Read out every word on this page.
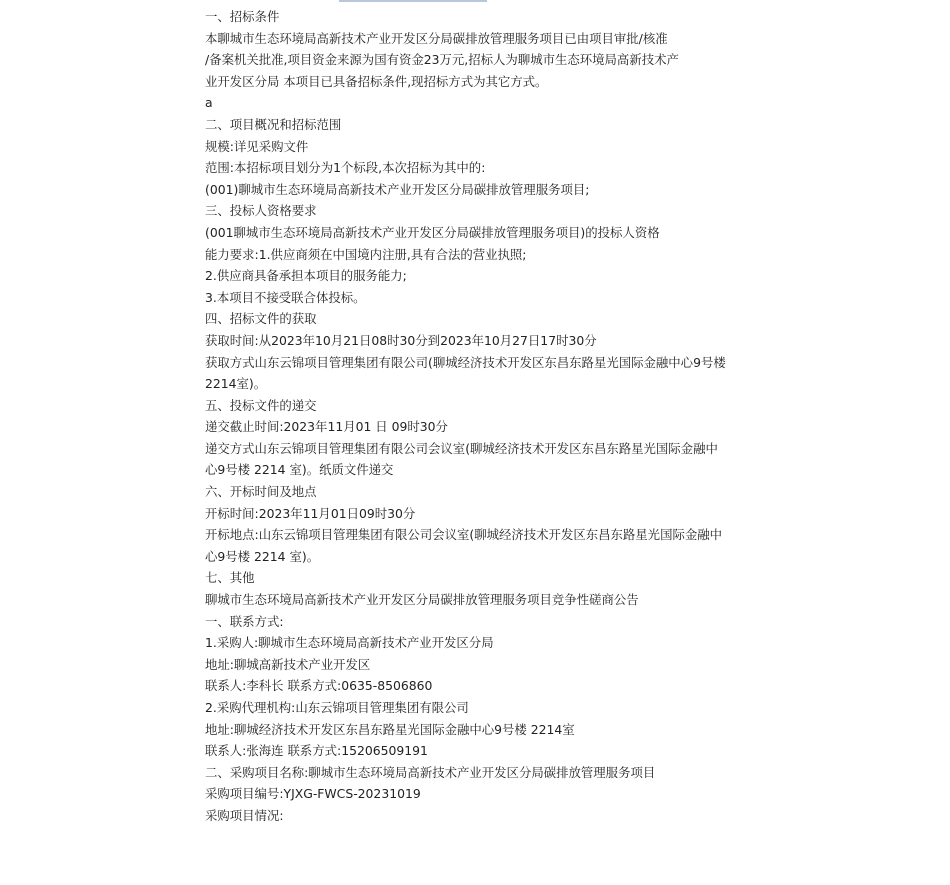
一、招标条件
本聊城市生态环境局高新技术产业开发区分局碳排放管理服务项目已由项目审批/核准
/备案机关批准,项目资金来源为国有资金23万元,招标人为聊城市生态环境局高新技术产
业开发区分局 本项目已具备招标条件,现招标方式为其它方式。
a
二、项目概况和招标范围
规模:详见采购文件
范围:本招标项目划分为1个标段,本次招标为其中的:
(001)聊城市生态环境局高新技术产业开发区分局碳排放管理服务项目;
三、投标人资格要求
(001聊城市生态环境局高新技术产业开发区分局碳排放管理服务项目)的投标人资格
能力要求:1.供应商须在中国境内注册,具有合法的营业执照;
2.供应商具备承担本项目的服务能力;
3.本项目不接受联合体投标。
四、招标文件的获取
获取时间:从2023年10月21日08时30分到2023年10月27日17时30分
获取方式山东云锦项目管理集团有限公司(聊城经济技术开发区东昌东路星光国际金融中心9号楼
2214室)。
五、投标文件的递交
递交截止时间:2023年11月01 日 09时30分
递交方式山东云锦项目管理集团有限公司会议室(聊城经济技术开发区东昌东路星光国际金融中
心9号楼 2214 室)。纸质文件递交
六、开标时间及地点
开标时间:2023年11月01日09时30分
开标地点:山东云锦项目管理集团有限公司会议室(聊城经济技术开发区东昌东路星光国际金融中
心9号楼 2214 室)。
七、其他
聊城市生态环境局高新技术产业开发区分局碳排放管理服务项目竞争性磋商公告
一、联系方式:
1.采购人:聊城市生态环境局高新技术产业开发区分局
地址:聊城高新技术产业开发区
联系人:李科长 联系方式:0635-8506860
2.采购代理机构:山东云锦项目管理集团有限公司
地址:聊城经济技术开发区东昌东路星光国际金融中心9号楼 2214室
联系人:张海连 联系方式:15206509191
二、采购项目名称:聊城市生态环境局高新技术产业开发区分局碳排放管理服务项目
采购项目编号:YJXG-FWCS-20231019
采购项目情况:
